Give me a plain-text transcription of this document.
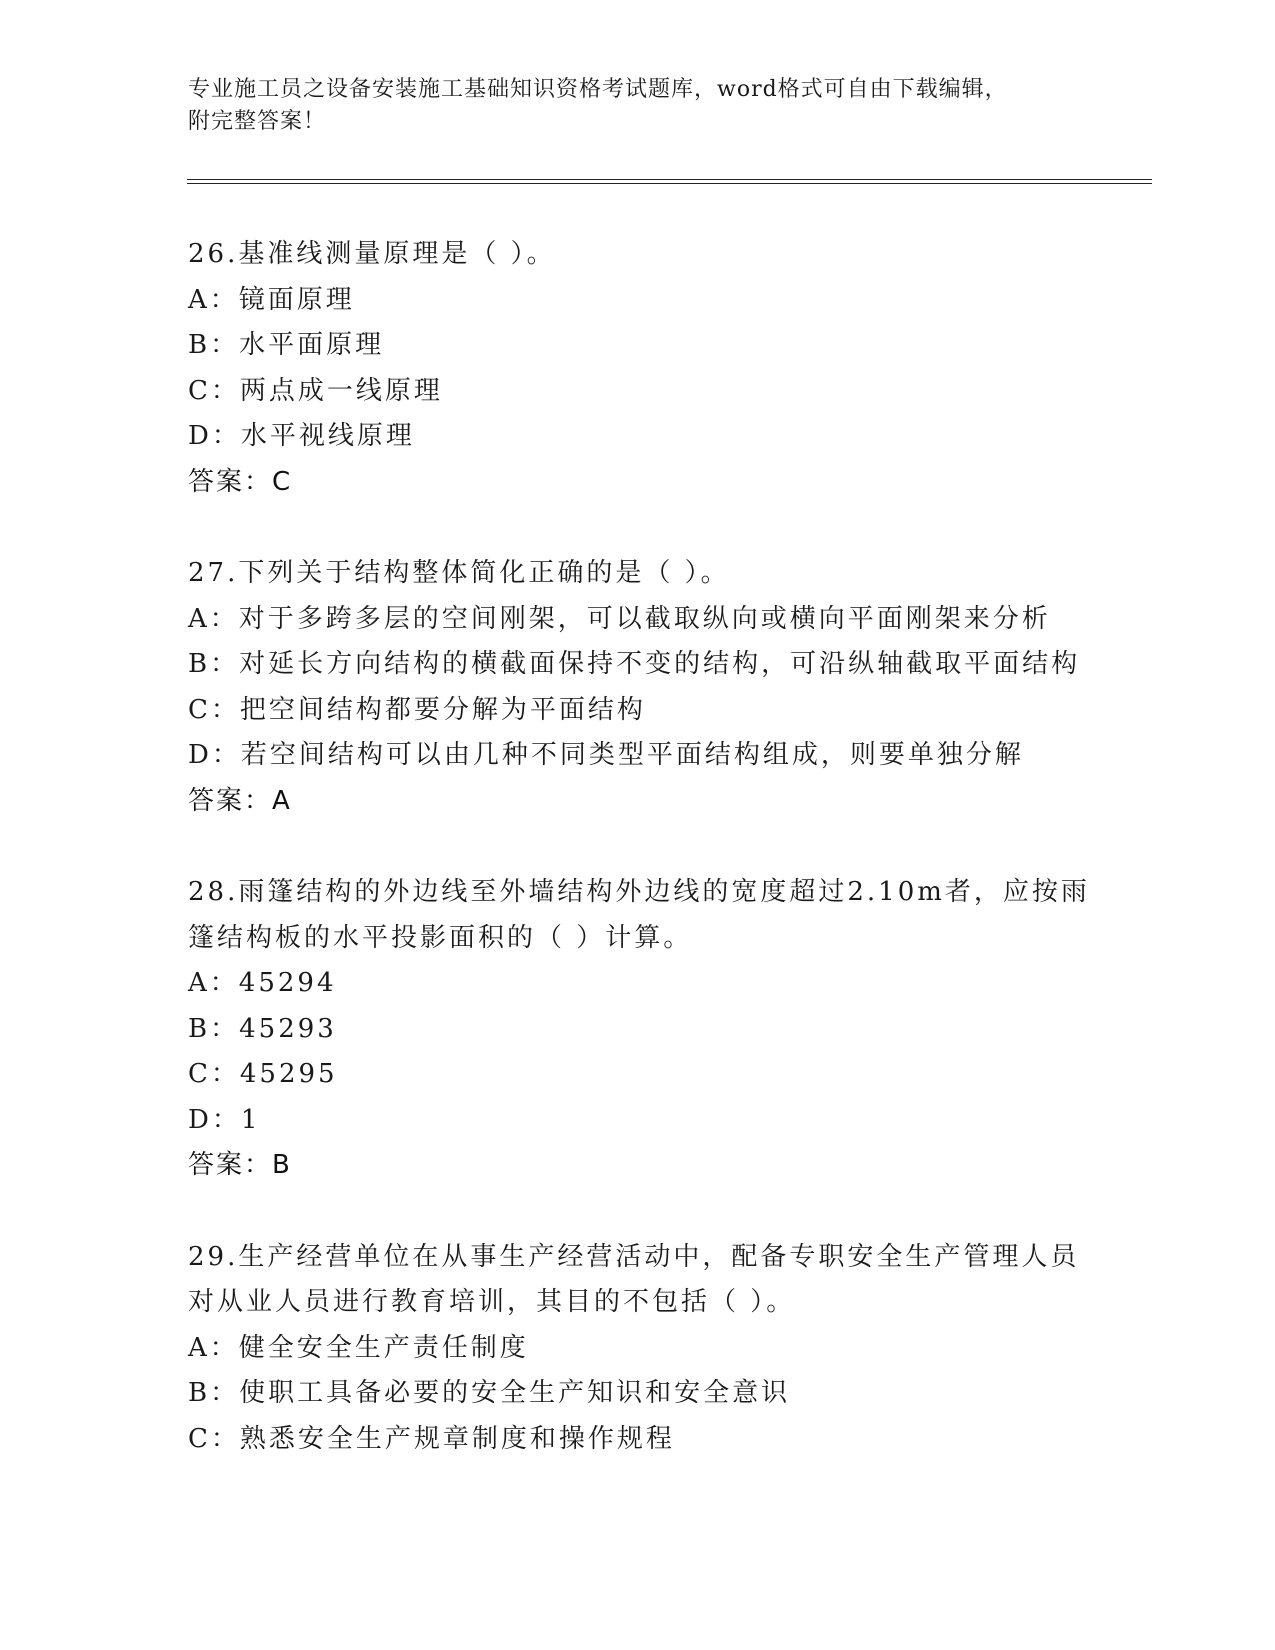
专业施工员之设备安装施工基础知识资格考试题库，word格式可自由下载编辑，
附完整答案！
26.基准线测量原理是（ ）。
A：镜面原理
B：水平面原理
C：两点成一线原理
D：水平视线原理
答案：C
27.下列关于结构整体简化正确的是（ ）。
A：对于多跨多层的空间刚架，可以截取纵向或横向平面刚架来分析
B：对延长方向结构的横截面保持不变的结构，可沿纵轴截取平面结构
C：把空间结构都要分解为平面结构
D：若空间结构可以由几种不同类型平面结构组成，则要单独分解
答案：A
28.雨篷结构的外边线至外墙结构外边线的宽度超过2.10m者，应按雨
篷结构板的水平投影面积的（ ）计算。
A：45294
B：45293
C：45295
D：1
答案：B
29.生产经营单位在从事生产经营活动中，配备专职安全生产管理人员
对从业人员进行教育培训，其目的不包括（ ）。
A：健全安全生产责任制度
B：使职工具备必要的安全生产知识和安全意识
C：熟悉安全生产规章制度和操作规程
